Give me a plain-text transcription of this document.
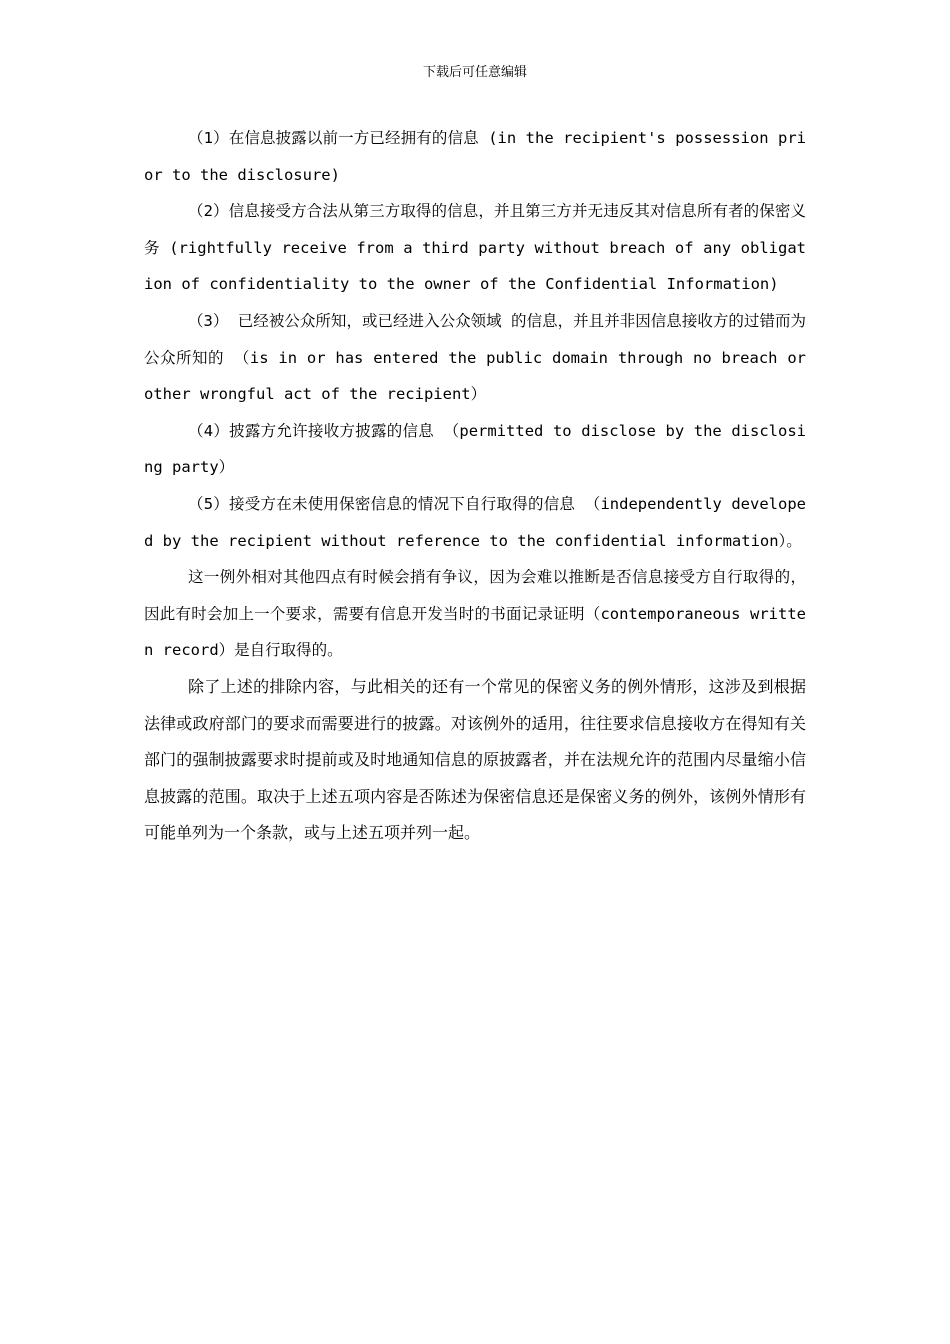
下载后可任意编辑

（1）在信息披露以前一方已经拥有的信息 (in the recipient's possession prior to the disclosure)

（2）信息接受方合法从第三方取得的信息，并且第三方并无违反其对信息所有者的保密义务 (rightfully receive from a third party without breach of any obligation of confidentiality to the owner of the Confidential Information)

（3） 已经被公众所知，或已经进入公众领域 的信息，并且并非因信息接收方的过错而为公众所知的 （is in or has entered the public domain through no breach or other wrongful act of the recipient）

（4）披露方允许接收方披露的信息 （permitted to disclose by the disclosing party）

（5）接受方在未使用保密信息的情况下自行取得的信息 （independently developed by the recipient without reference to the confidential information）。

这一例外相对其他四点有时候会捎有争议，因为会难以推断是否信息接受方自行取得的，因此有时会加上一个要求，需要有信息开发当时的书面记录证明（contemporaneous written record）是自行取得的。

除了上述的排除内容，与此相关的还有一个常见的保密义务的例外情形，这涉及到根据法律或政府部门的要求而需要进行的披露。对该例外的适用，往往要求信息接收方在得知有关部门的强制披露要求时提前或及时地通知信息的原披露者，并在法规允许的范围内尽量缩小信息披露的范围。取决于上述五项内容是否陈述为保密信息还是保密义务的例外，该例外情形有可能单列为一个条款，或与上述五项并列一起。
